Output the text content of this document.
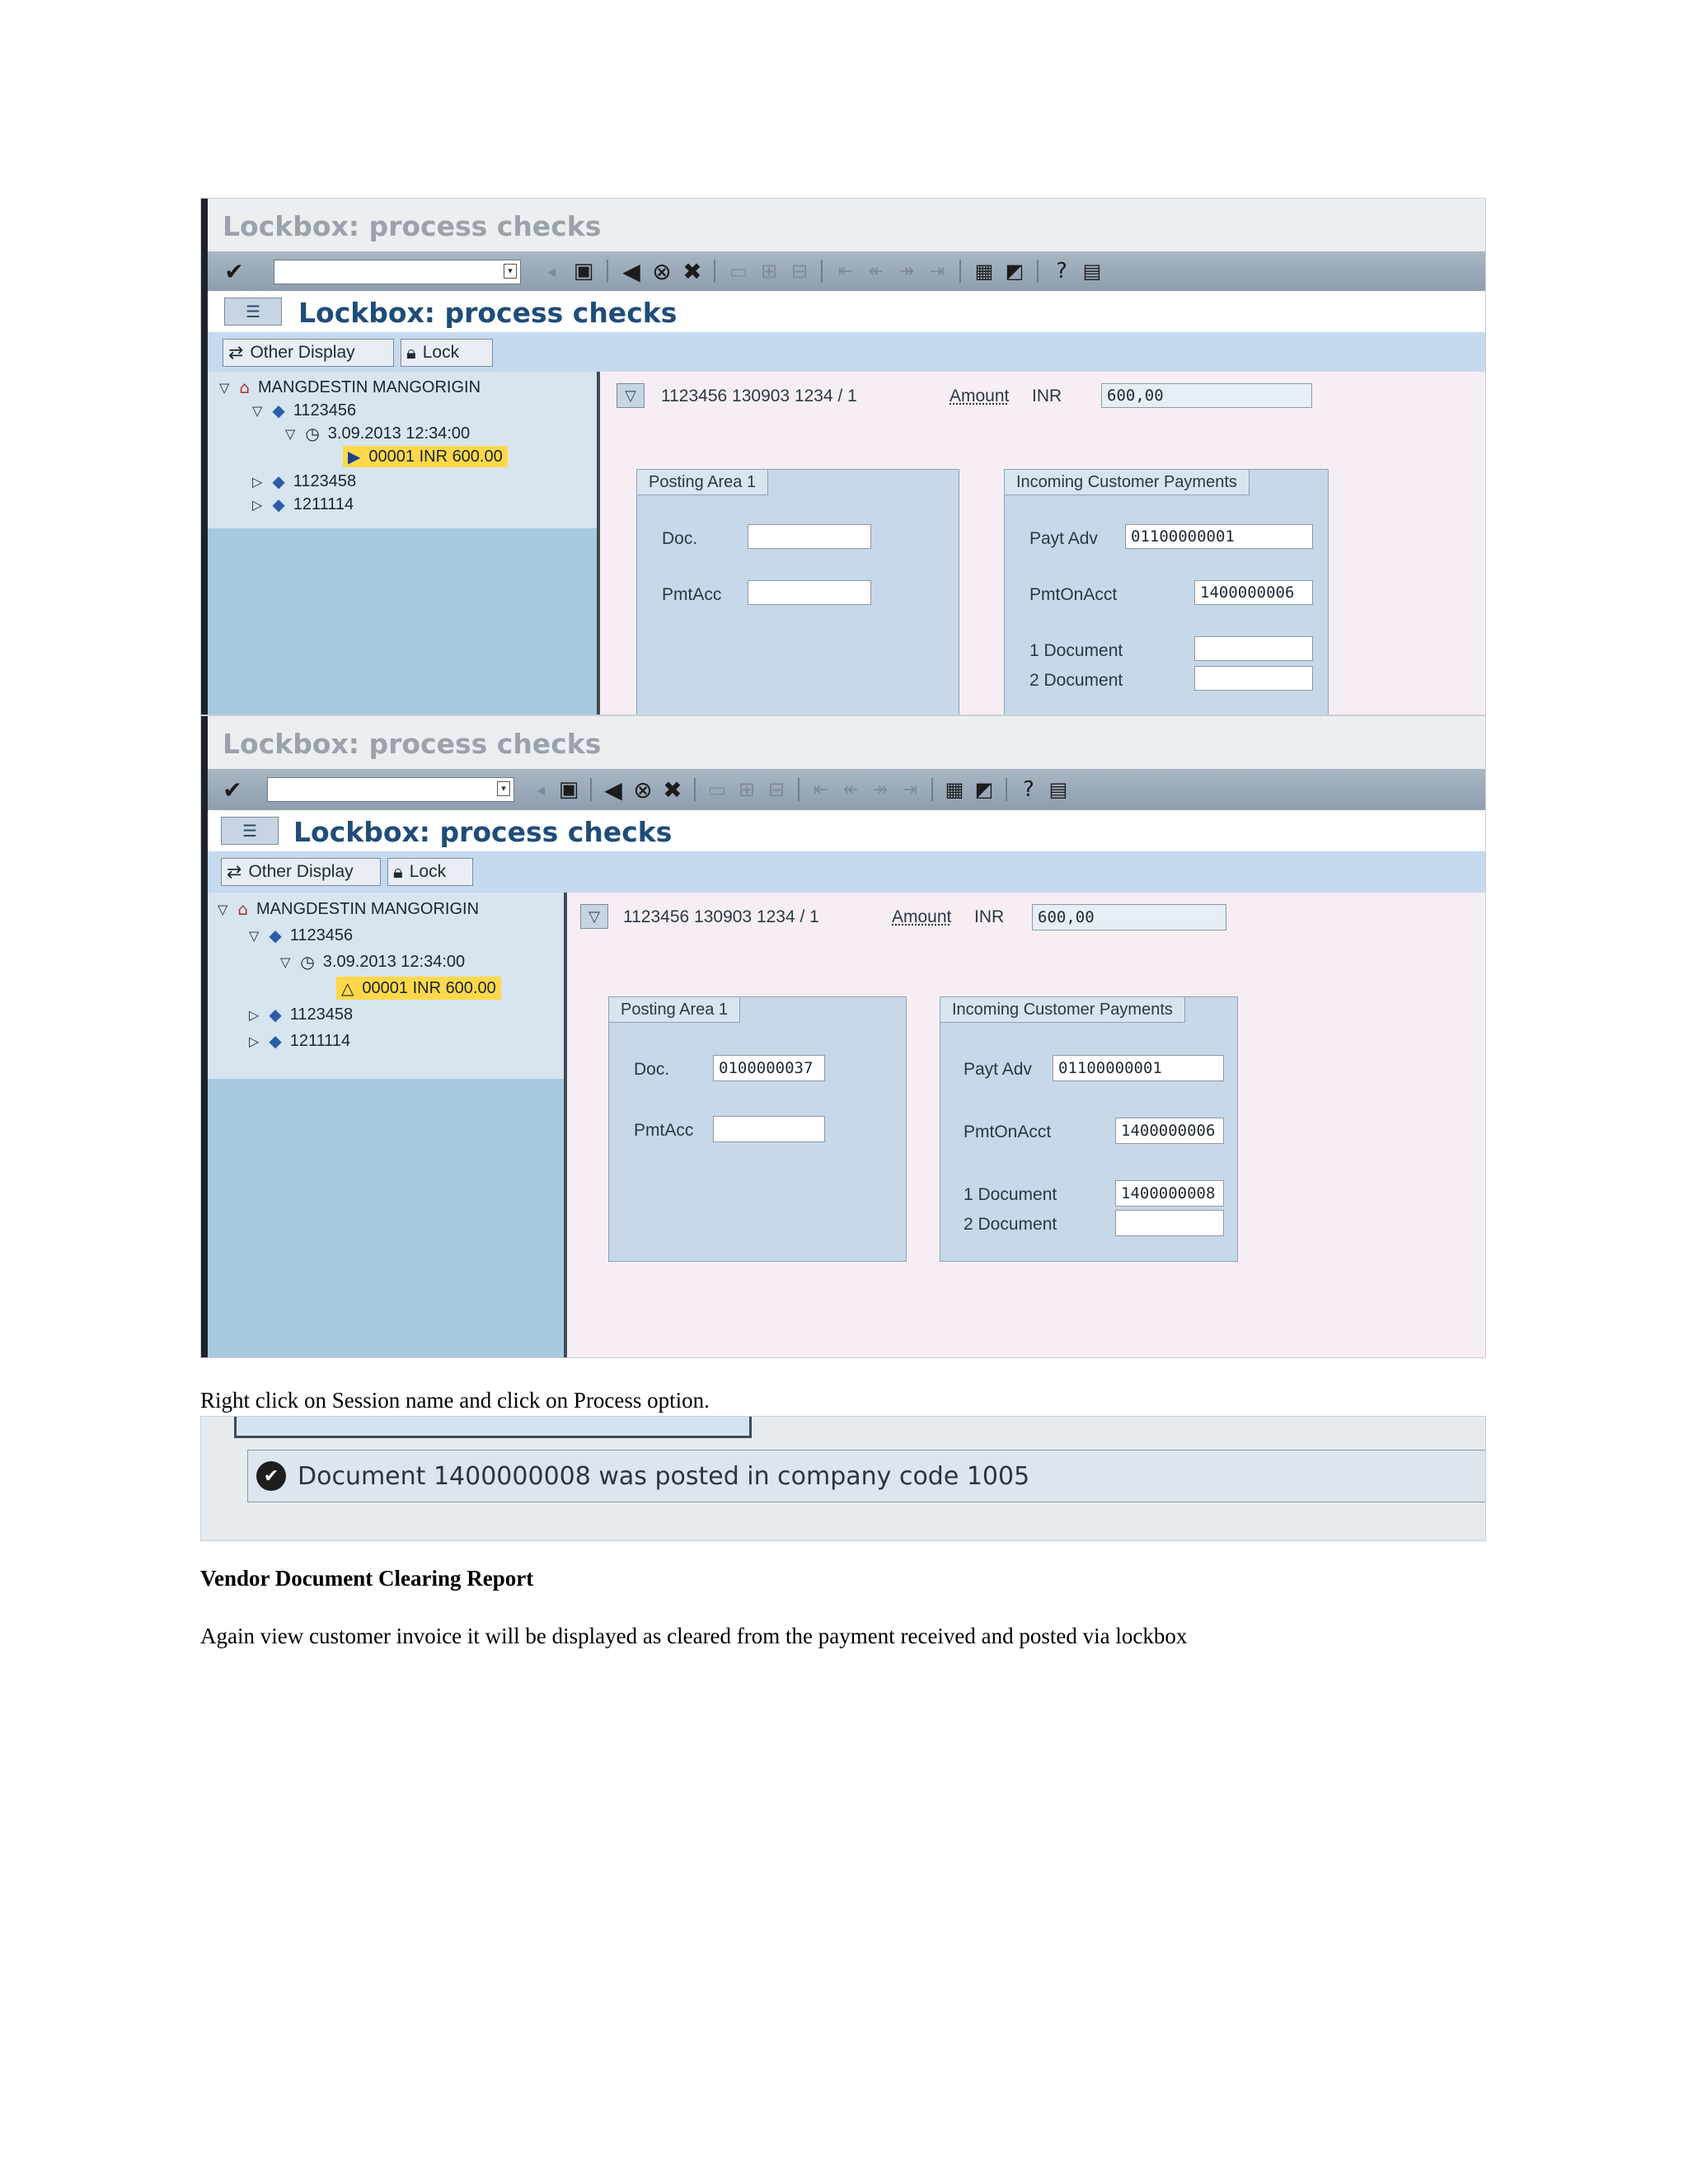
Lockbox: process checks
✔	▾	◂ ▣ ◀ ⊗ ✖ ▭ ⊞ ⊟	⇤ ↞ ↠ ⇥ ▦ ◩	? ▤
☰	Lockbox: process checks
⇄ Other Display	🔒︎ Lock
▽ ⌂ MANGDESTIN MANGORIGIN
▽ ◆ 1123456
▽ ◷ 3.09.2013 12:34:00
▶ 00001 INR 600.00
▷ ◆ 1123458
▷ ◆ 1211114
▽	1123456 130903 1234 / 1	Amount INR	600,00
Posting Area 1
Doc.
PmtAcc
Incoming Customer Payments
Payt Adv	01100000001
PmtOnAcct	1400000006
1 Document
2 Document
Lockbox: process checks
✔	▾	◂ ▣ ◀ ⊗ ✖ ▭ ⊞ ⊟	⇤ ↞ ↠ ⇥ ▦ ◩	? ▤
☰	Lockbox: process checks
⇄ Other Display 🔒︎ Lock
▽ ⌂ MANGDESTIN MANGORIGIN
▽ ◆ 1123456
▽ ◷ 3.09.2013 12:34:00
△ 00001 INR 600.00
▷ ◆ 1123458
▷ ◆ 1211114
▽	1123456 130903 1234 / 1	Amount INR	600,00
Posting Area 1
Doc.	0100000037
PmtAcc
Incoming Customer Payments
Payt Adv	01100000001
PmtOnAcct	1400000006
1 Document	1400000008
2 Document
Right click on Session name and click on Process option.
✔ Document 1400000008 was posted in company code 1005
Vendor Document Clearing Report
Again view customer invoice it will be displayed as cleared from the payment received and posted via lockbox
